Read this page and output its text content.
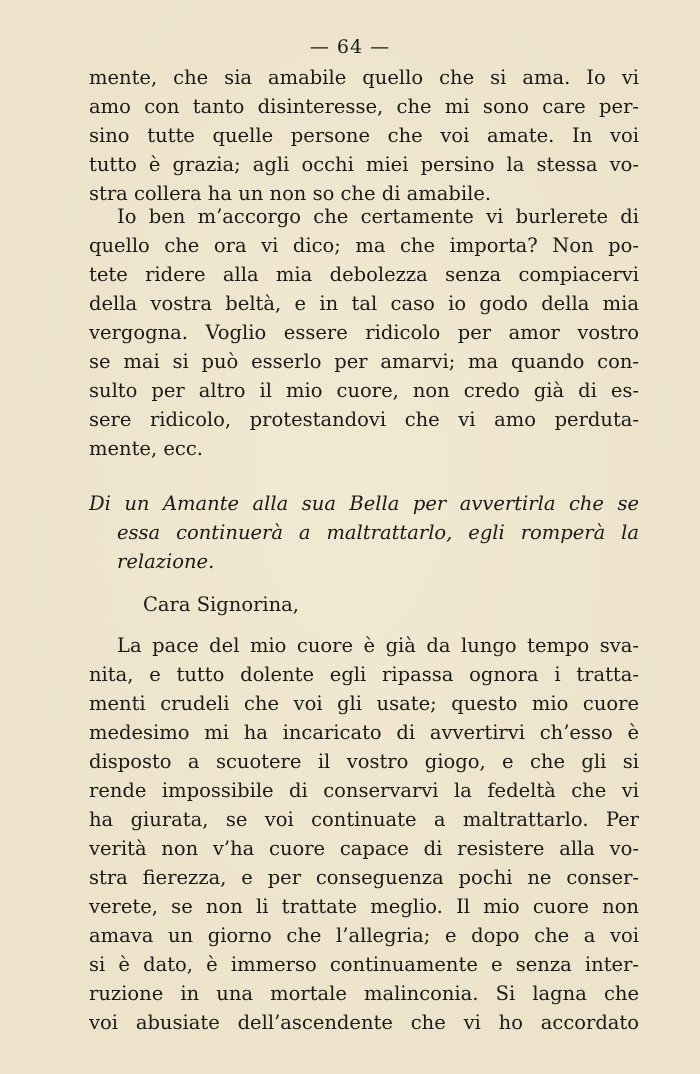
— 64 —
mente, che sia amabile quello che si ama. Io vi
amo con tanto disinteresse, che mi sono care per-
sino tutte quelle persone che voi amate. In voi
tutto è grazia; agli occhi miei persino la stessa vo-
stra collera ha un non so che di amabile.
Io ben m’accorgo che certamente vi burlerete di
quello che ora vi dico; ma che importa? Non po-
tete ridere alla mia debolezza senza compiacervi
della vostra beltà, e in tal caso io godo della mia
vergogna. Voglio essere ridicolo per amor vostro
se mai si può esserlo per amarvi; ma quando con-
sulto per altro il mio cuore, non credo già di es-
sere ridicolo, protestandovi che vi amo perduta-
mente, ecc.
Di un Amante alla sua Bella per avvertirla che se
essa continuerà a maltrattarlo, egli romperà la
relazione.
Cara Signorina,
La pace del mio cuore è già da lungo tempo sva-
nita, e tutto dolente egli ripassa ognora i tratta-
menti crudeli che voi gli usate; questo mio cuore
medesimo mi ha incaricato di avvertirvi ch’esso è
disposto a scuotere il vostro giogo, e che gli si
rende impossibile di conservarvi la fedeltà che vi
ha giurata, se voi continuate a maltrattarlo. Per
verità non v’ha cuore capace di resistere alla vo-
stra fierezza, e per conseguenza pochi ne conser-
verete, se non li trattate meglio. Il mio cuore non
amava un giorno che l’allegria; e dopo che a voi
si è dato, è immerso continuamente e senza inter-
ruzione in una mortale malinconia. Si lagna che
voi abusiate dell’ascendente che vi ho accordato
